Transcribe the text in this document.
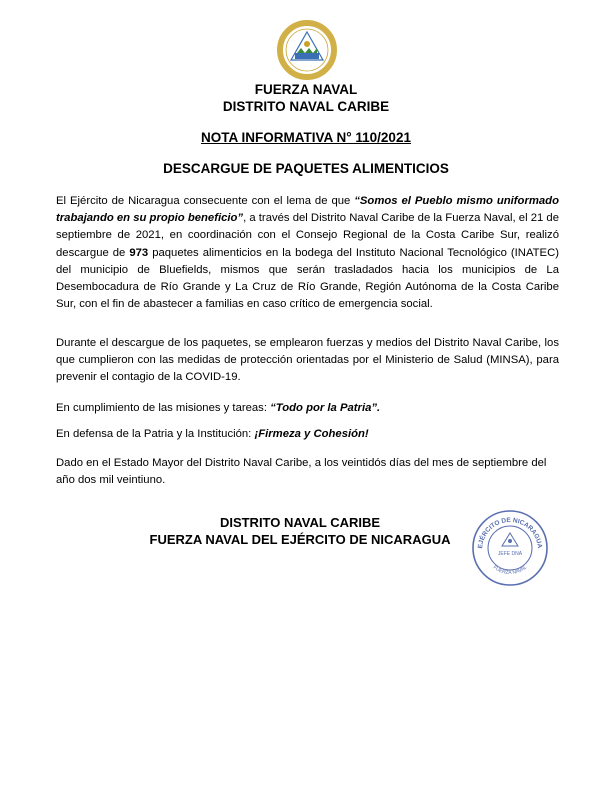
FUERZA NAVAL
DISTRITO NAVAL CARIBE
NOTA INFORMATIVA N° 110/2021
DESCARGUE DE PAQUETES ALIMENTICIOS
El Ejército de Nicaragua consecuente con el lema de que “Somos el Pueblo mismo uniformado trabajando en su propio beneficio”, a través del Distrito Naval Caribe de la Fuerza Naval, el 21 de septiembre de 2021, en coordinación con el Consejo Regional de la Costa Caribe Sur, realizó descargue de 973 paquetes alimenticios en la bodega del Instituto Nacional Tecnológico (INATEC) del municipio de Bluefields, mismos que serán trasladados hacia los municipios de La Desembocadura de Río Grande y La Cruz de Río Grande, Región Autónoma de la Costa Caribe Sur, con el fin de abastecer a familias en caso crítico de emergencia social.
Durante el descargue de los paquetes, se emplearon fuerzas y medios del Distrito Naval Caribe, los que cumplieron con las medidas de protección orientadas por el Ministerio de Salud (MINSA), para prevenir el contagio de la COVID-19.
En cumplimiento de las misiones y tareas: “Todo por la Patria”.
En defensa de la Patria y la Institución: ¡Firmeza y Cohesión!
Dado en el Estado Mayor del Distrito Naval Caribe, a los veintidós días del mes de septiembre del año dos mil veintiuno.
DISTRITO NAVAL CARIBE
FUERZA NAVAL DEL EJÉRCITO DE NICARAGUA	EJÉRCITO DE NICARAGUA
JEFE DNA
FUERZA NAVAL
